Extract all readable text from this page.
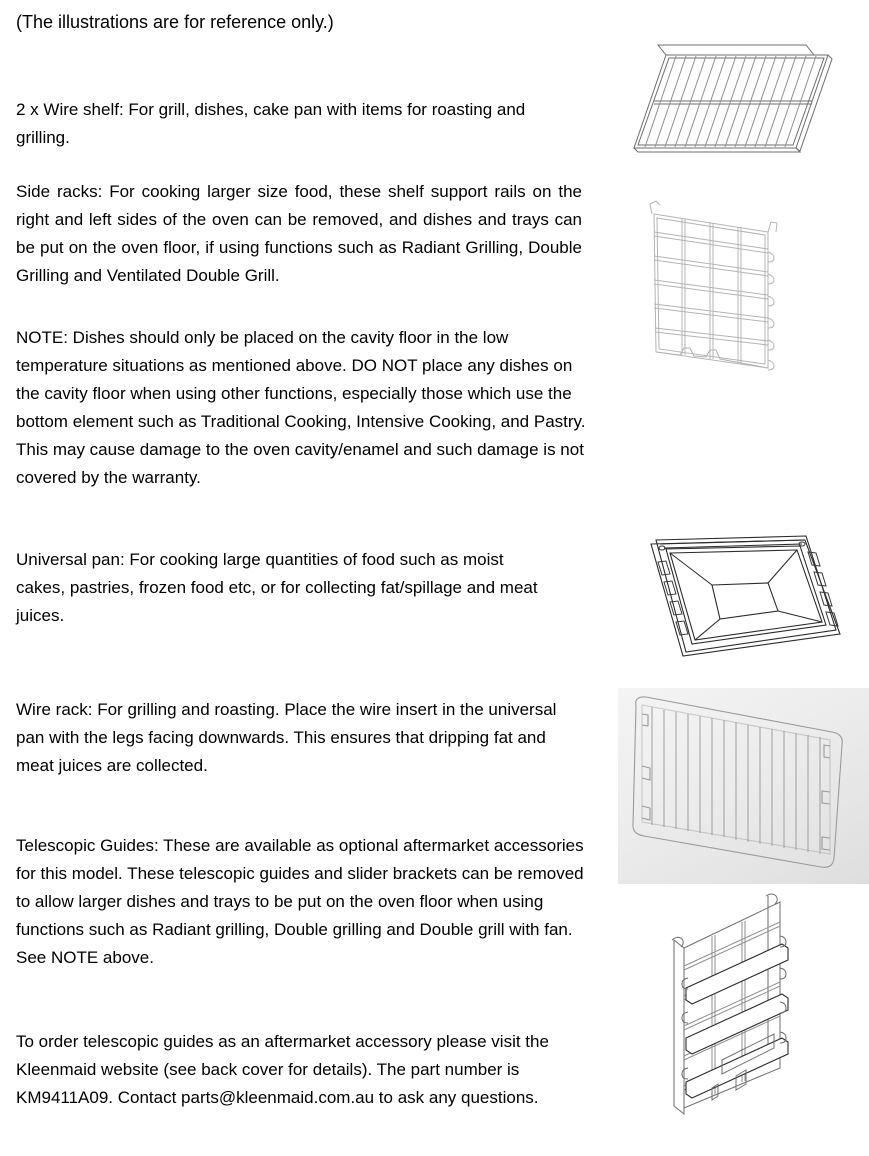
(The illustrations are for reference only.)

2 x Wire shelf: For grill, dishes, cake pan with items for roasting and grilling.

Side racks: For cooking larger size food, these shelf support rails on the right and left sides of the oven can be removed, and dishes and trays can be put on the oven floor, if using functions such as Radiant Grilling, Double Grilling and Ventilated Double Grill.

NOTE: Dishes should only be placed on the cavity floor in the low temperature situations as mentioned above. DO NOT place any dishes on the cavity floor when using other functions, especially those which use the bottom element such as Traditional Cooking, Intensive Cooking, and Pastry. This may cause damage to the oven cavity/enamel and such damage is not covered by the warranty.

Universal pan: For cooking large quantities of food such as moist cakes, pastries, frozen food etc, or for collecting fat/spillage and meat juices.

Wire rack: For grilling and roasting. Place the wire insert in the universal pan with the legs facing downwards. This ensures that dripping fat and meat juices are collected.

Telescopic Guides: These are available as optional aftermarket accessories for this model. These telescopic guides and slider brackets can be removed to allow larger dishes and trays to be put on the oven floor when using functions such as Radiant grilling, Double grilling and Double grill with fan. See NOTE above.

To order telescopic guides as an aftermarket accessory please visit the Kleenmaid website (see back cover for details). The part number is KM9411A09. Contact parts@kleenmaid.com.au to ask any questions.
